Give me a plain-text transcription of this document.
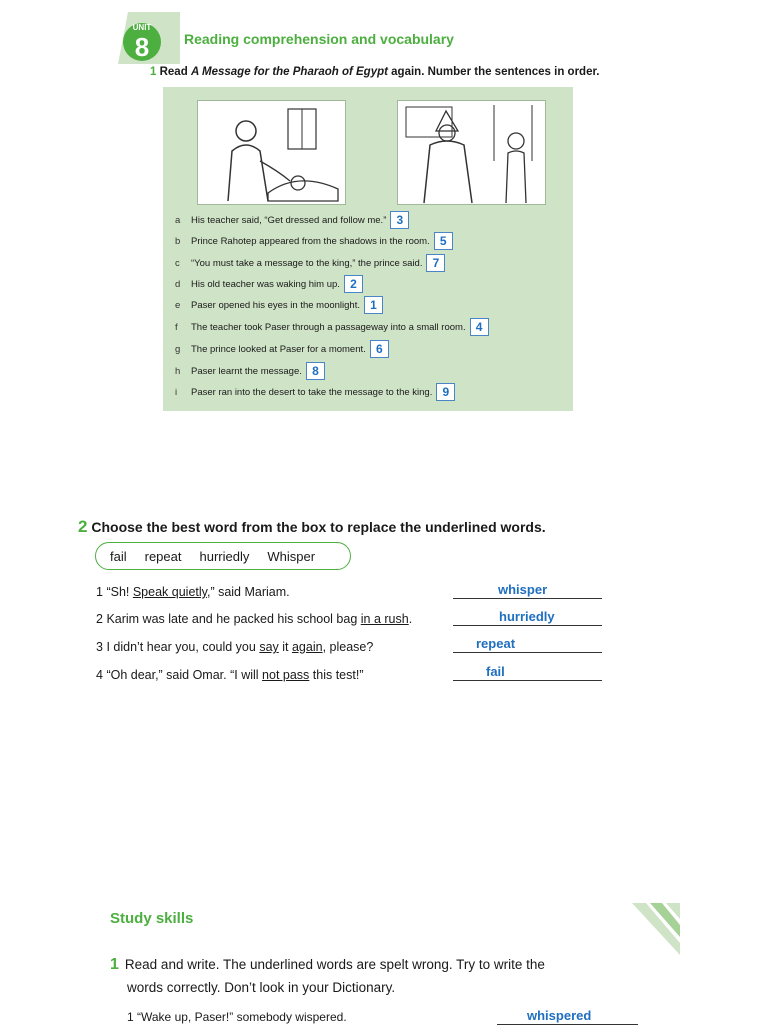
UNIT
8 Reading comprehension and vocabulary
1 Read A Message for the Pharaoh of Egypt again. Number the sentences in order.
a	His teacher said, “Get dressed and follow me.” 3
b	Prince Rahotep appeared from the shadows in the room. 5
c	“You must take a message to the king,” the prince said. 7
d	His old teacher was waking him up. 2
e	Paser opened his eyes in the moonlight. 1
f	The teacher took Paser through a passageway into a small room. 4
g	The prince looked at Paser for a moment. 6
h	Paser learnt the message. 8
i	Paser ran into the desert to take the message to the king. 9
2 Choose the best word from the box to replace the underlined words.
fail repeat hurriedly Whisper
1 “Sh! Speak quietly,” said Mariam.	whisper
2 Karim was late and he packed his school bag in a rush.	hurriedly
3 I didn’t hear you, could you say it again, please?	repeat
4 “Oh dear,” said Omar. “I will not pass this test!”	fail
Study skills
1 Read and write. The underlined words are spelt wrong. Try to write the
words correctly. Don’t look in your Dictionary.
1 “Wake up, Paser!” somebody wispered.	whispered
